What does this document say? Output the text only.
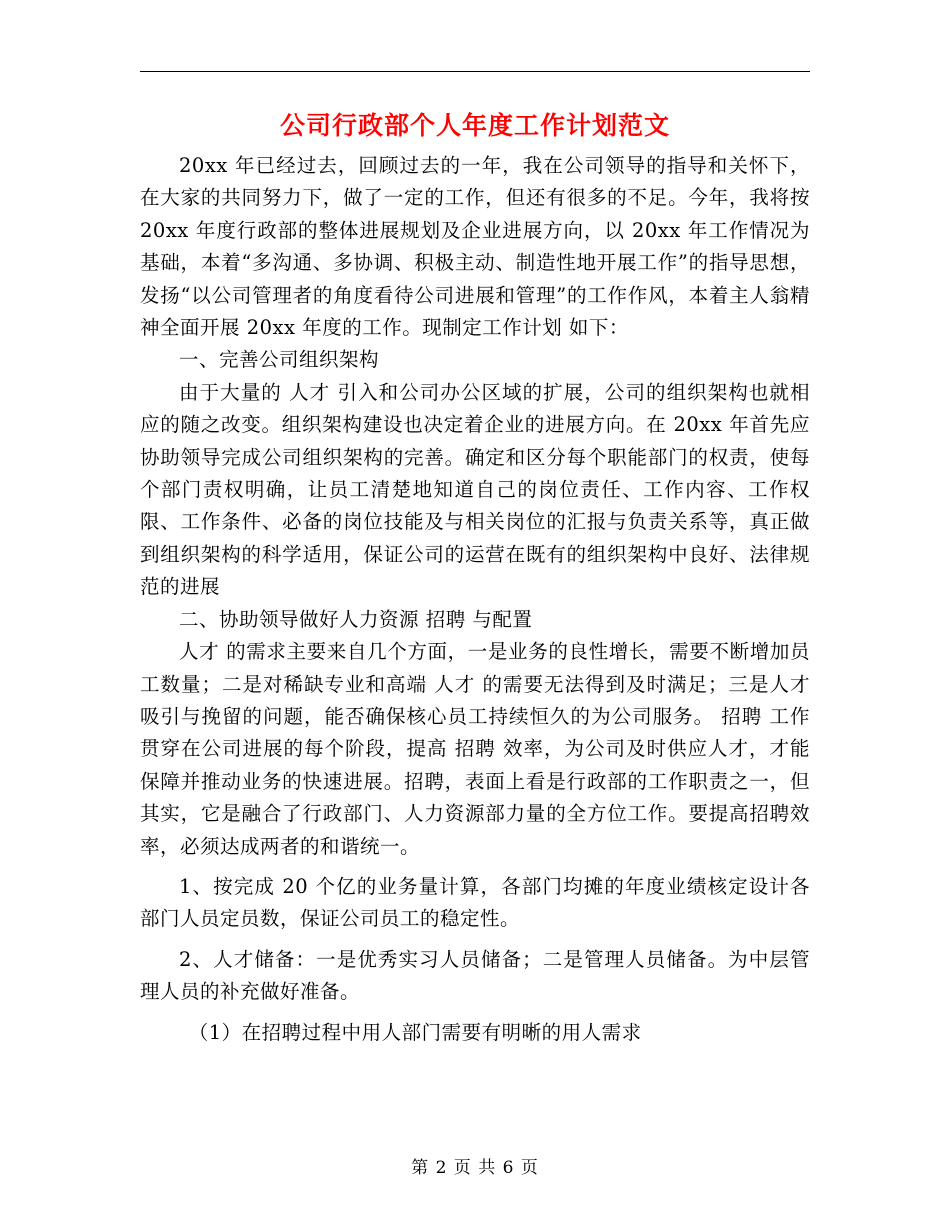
公司行政部个人年度工作计划范文

20xx 年已经过去，回顾过去的一年，我在公司领导的指导和关怀下，在大家的共同努力下，做了一定的工作，但还有很多的不足。今年，我将按 20xx 年度行政部的整体进展规划及企业进展方向，以 20xx 年工作情况为基础，本着“多沟通、多协调、积极主动、制造性地开展工作”的指导思想，发扬“以公司管理者的角度看待公司进展和管理”的工作作风，本着主人翁精神全面开展 20xx 年度的工作。现制定工作计划 如下：

一、完善公司组织架构

由于大量的 人才 引入和公司办公区域的扩展，公司的组织架构也就相应的随之改变。组织架构建设也决定着企业的进展方向。在 20xx 年首先应协助领导完成公司组织架构的完善。确定和区分每个职能部门的权责，使每个部门责权明确，让员工清楚地知道自己的岗位责任、工作内容、工作权限、工作条件、必备的岗位技能及与相关岗位的汇报与负责关系等，真正做到组织架构的科学适用，保证公司的运营在既有的组织架构中良好、法律规范的进展

二、协助领导做好人力资源 招聘 与配置

人才 的需求主要来自几个方面，一是业务的良性增长，需要不断增加员工数量；二是对稀缺专业和高端 人才 的需要无法得到及时满足；三是人才吸引与挽留的问题，能否确保核心员工持续恒久的为公司服务。 招聘 工作贯穿在公司进展的每个阶段，提高 招聘 效率，为公司及时供应人才，才能保障并推动业务的快速进展。招聘，表面上看是行政部的工作职责之一，但其实，它是融合了行政部门、人力资源部力量的全方位工作。要提高招聘效率，必须达成两者的和谐统一。

1、按完成 20 个亿的业务量计算，各部门均摊的年度业绩核定设计各部门人员定员数，保证公司员工的稳定性。

2、人才储备：一是优秀实习人员储备；二是管理人员储备。为中层管理人员的补充做好准备。

（1）在招聘过程中用人部门需要有明晰的用人需求

第 2 页 共 6 页
